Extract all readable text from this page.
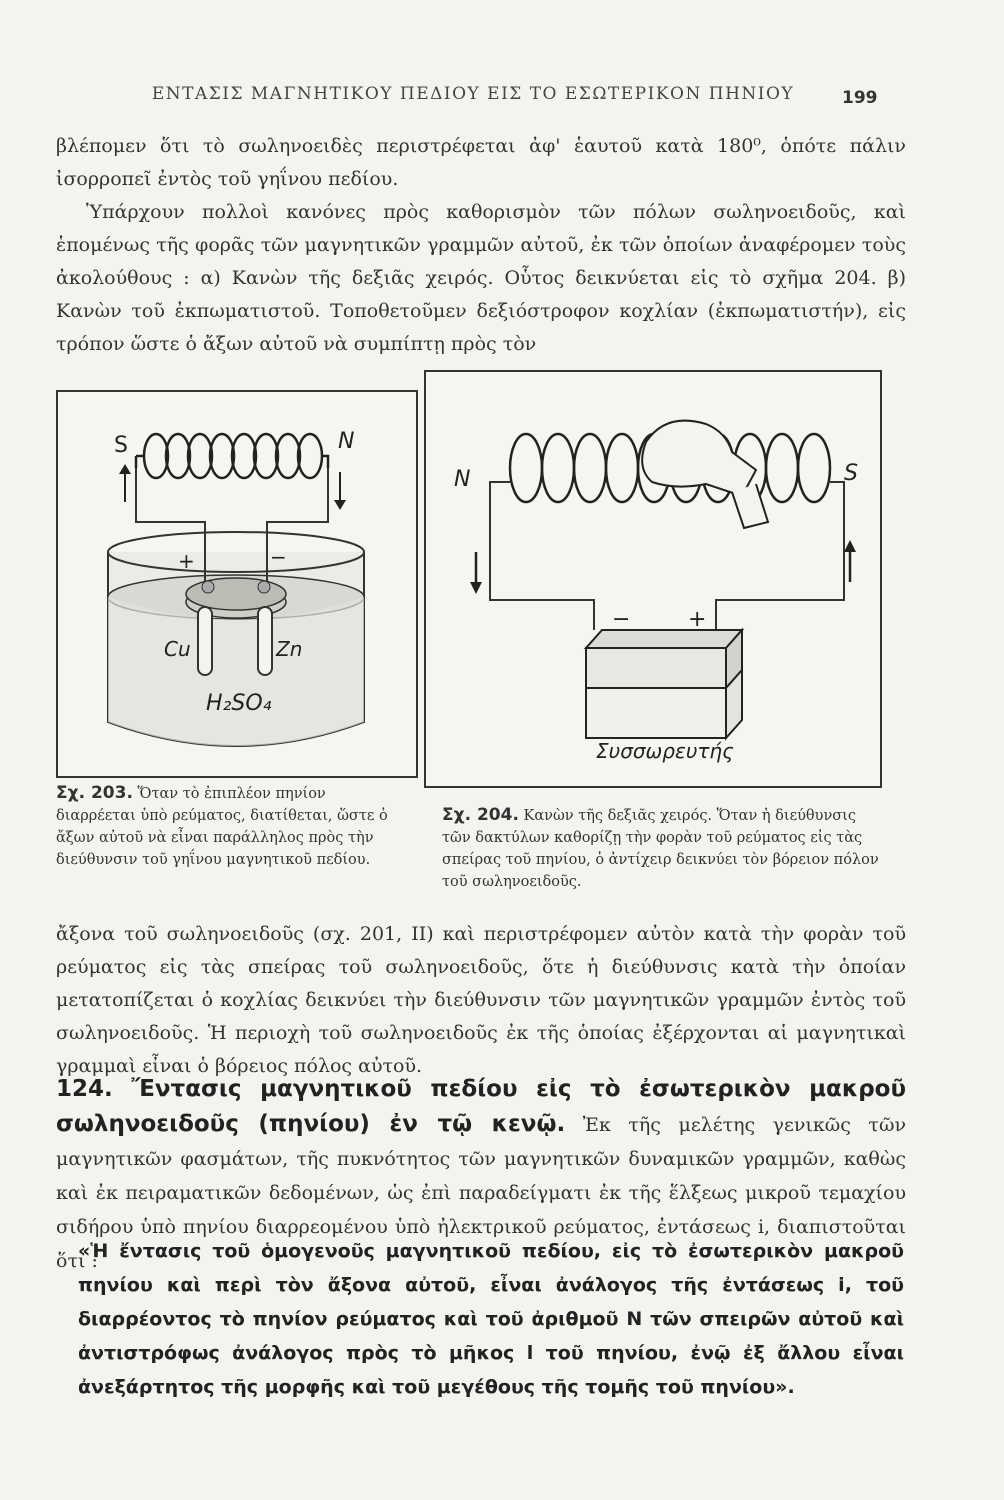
ΕΝΤΑΣΙΣ ΜΑΓΝΗΤΙΚΟΥ ΠΕΔΙΟΥ ΕΙΣ ΤΟ ΕΣΩΤΕΡΙΚΟΝ ΠΗΝΙΟΥ	199

βλέπομεν ὅτι τὸ σωληνοειδὲς περιστρέφεται ἀφ' ἑαυτοῦ κατὰ 180⁰, ὁπότε πάλιν ἰσορροπεῖ ἐντὸς τοῦ γηΐνου πεδίου.

Ὑπάρχουν πολλοὶ κανόνες πρὸς καθορισμὸν τῶν πόλων σωληνοειδοῦς, καὶ ἑπομένως τῆς φορᾶς τῶν μαγνητικῶν γραμμῶν αὐτοῦ, ἐκ τῶν ὁποίων ἀναφέρομεν τοὺς ἀκολούθους : α) Κανὼν τῆς δεξιᾶς χειρός. Οὗτος δεικνύεται εἰς τὸ σχῆμα 204. β) Κανὼν τοῦ ἐκπωματιστοῦ. Τοποθετοῦμεν δεξιόστροφον κοχλίαν (ἐκπωματιστήν), εἰς τρόπον ὥστε ὁ ἄξων αὐτοῦ νὰ συμπίπτῃ πρὸς τὸν

S	N
+	−
Cu	Zn
H₂SO₄
Σχ. 203. Ὅταν τὸ ἐπιπλέον πηνίον διαρρέεται ὑπὸ ρεύματος, διατίθεται, ὥστε ὁ ἄξων αὐτοῦ νὰ εἶναι παράλληλος πρὸς τὴν διεύθυνσιν τοῦ γηΐνου μαγνητικοῦ πεδίου.
N	S
−	+
Συσσωρευτής
Σχ. 204. Κανὼν τῆς δεξιᾶς χειρός. Ὅταν ἡ διεύθυνσις τῶν δακτύλων καθορίζῃ τὴν φορὰν τοῦ ρεύματος εἰς τὰς σπείρας τοῦ πηνίου, ὁ ἀντίχειρ δεικνύει τὸν βόρειον πόλον τοῦ σωληνοειδοῦς.

ἄξονα τοῦ σωληνοειδοῦς (σχ. 201, II) καὶ περιστρέφομεν αὐτὸν κατὰ τὴν φορὰν τοῦ ρεύματος εἰς τὰς σπείρας τοῦ σωληνοειδοῦς, ὅτε ἡ διεύθυνσις κατὰ τὴν ὁποίαν μετατοπίζεται ὁ κοχλίας δεικνύει τὴν διεύθυνσιν τῶν μαγνητικῶν γραμμῶν ἐντὸς τοῦ σωληνοειδοῦς. Ἡ περιοχὴ τοῦ σωληνοειδοῦς ἐκ τῆς ὁποίας ἐξέρχονται αἱ μαγνητικαὶ γραμμαὶ εἶναι ὁ βόρειος πόλος αὐτοῦ.

124. Ἔντασις μαγνητικοῦ πεδίου εἰς τὸ ἐσωτερικὸν μακροῦ σωληνοειδοῦς (πηνίου) ἐν τῷ κενῷ. Ἐκ τῆς μελέτης γενικῶς τῶν μαγνητικῶν φασμάτων, τῆς πυκνότητος τῶν μαγνητικῶν δυναμικῶν γραμμῶν, καθὼς καὶ ἐκ πειραματικῶν δεδομένων, ὡς ἐπὶ παραδείγματι ἐκ τῆς ἕλξεως μικροῦ τεμαχίου σιδήρου ὑπὸ πηνίου διαρρεομένου ὑπὸ ἠλεκτρικοῦ ρεύματος, ἐντάσεως i, διαπιστοῦται ὅτι :
«Ἡ ἔντασις τοῦ ὁμογενοῦς μαγνητικοῦ πεδίου, εἰς τὸ ἐσωτερικὸν μακροῦ πηνίου καὶ περὶ τὸν ἄξονα αὐτοῦ, εἶναι ἀνάλογος τῆς ἐντάσεως i, τοῦ διαρρέοντος τὸ πηνίον ρεύματος καὶ τοῦ ἀριθμοῦ N τῶν σπειρῶν αὐτοῦ καὶ ἀντιστρόφως ἀνάλογος πρὸς τὸ μῆκος l τοῦ πηνίου, ἐνῷ ἐξ ἄλλου εἶναι ἀνεξάρτητος τῆς μορφῆς καὶ τοῦ μεγέθους τῆς τομῆς τοῦ πηνίου».
